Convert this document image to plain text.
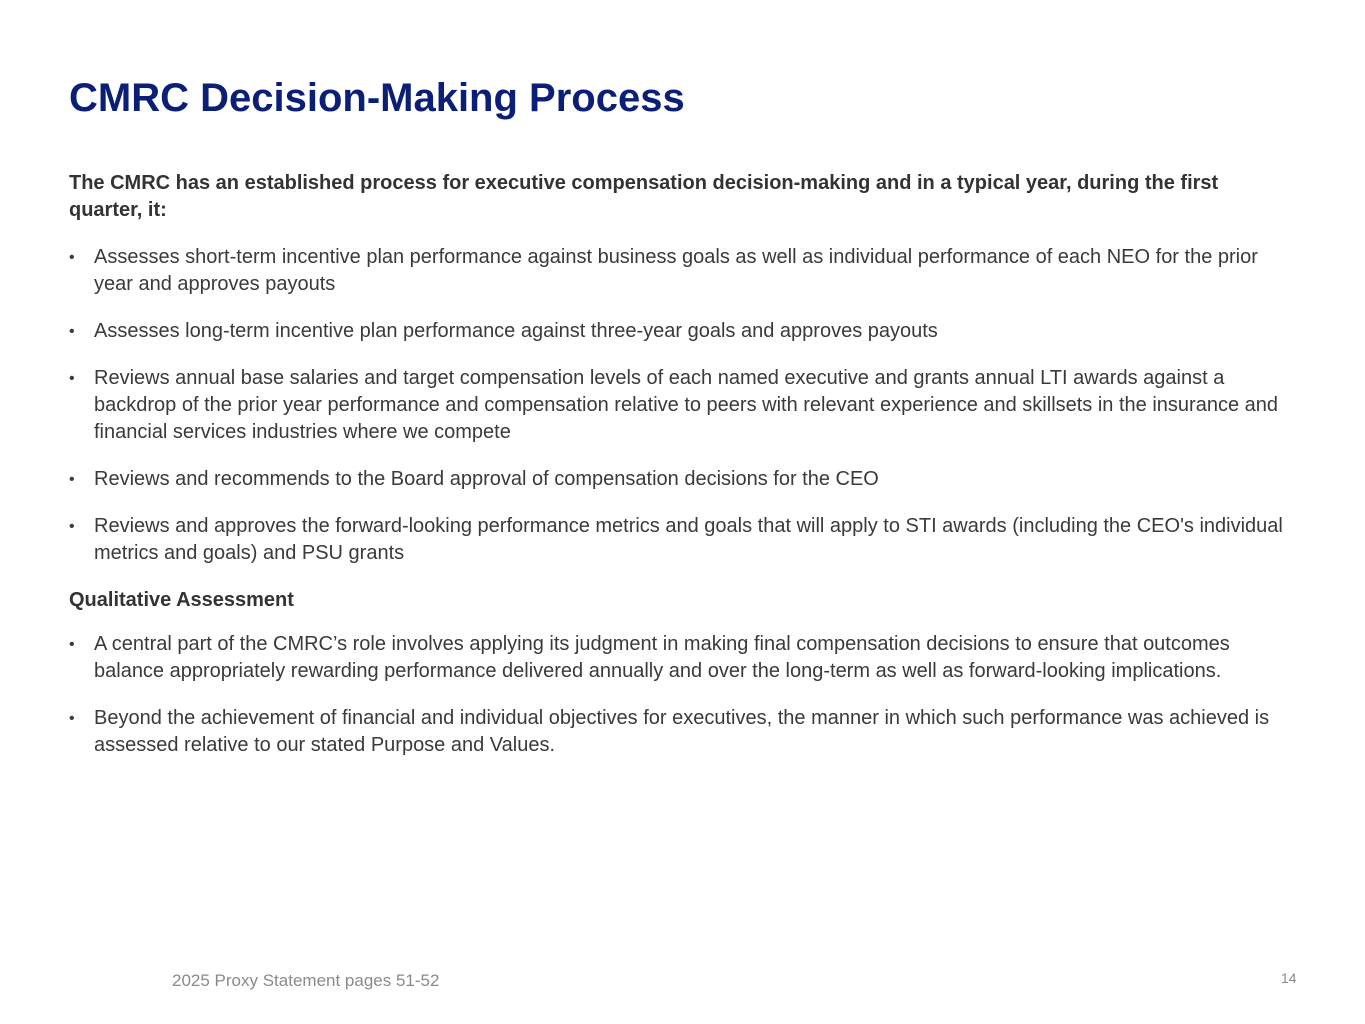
CMRC Decision-Making Process

The CMRC has an established process for executive compensation decision-making and in a typical year, during the first quarter, it:

• Assesses short-term incentive plan performance against business goals as well as individual performance of each NEO for the prior year and approves payouts
• Assesses long-term incentive plan performance against three-year goals and approves payouts
• Reviews annual base salaries and target compensation levels of each named executive and grants annual LTI awards against a backdrop of the prior year performance and compensation relative to peers with relevant experience and skillsets in the insurance and financial services industries where we compete
• Reviews and recommends to the Board approval of compensation decisions for the CEO
• Reviews and approves the forward-looking performance metrics and goals that will apply to STI awards (including the CEO's individual metrics and goals) and PSU grants

Qualitative Assessment

• A central part of the CMRC’s role involves applying its judgment in making final compensation decisions to ensure that outcomes balance appropriately rewarding performance delivered annually and over the long-term as well as forward-looking implications.
• Beyond the achievement of financial and individual objectives for executives, the manner in which such performance was achieved is assessed relative to our stated Purpose and Values.
2025 Proxy Statement pages 51-52	14
